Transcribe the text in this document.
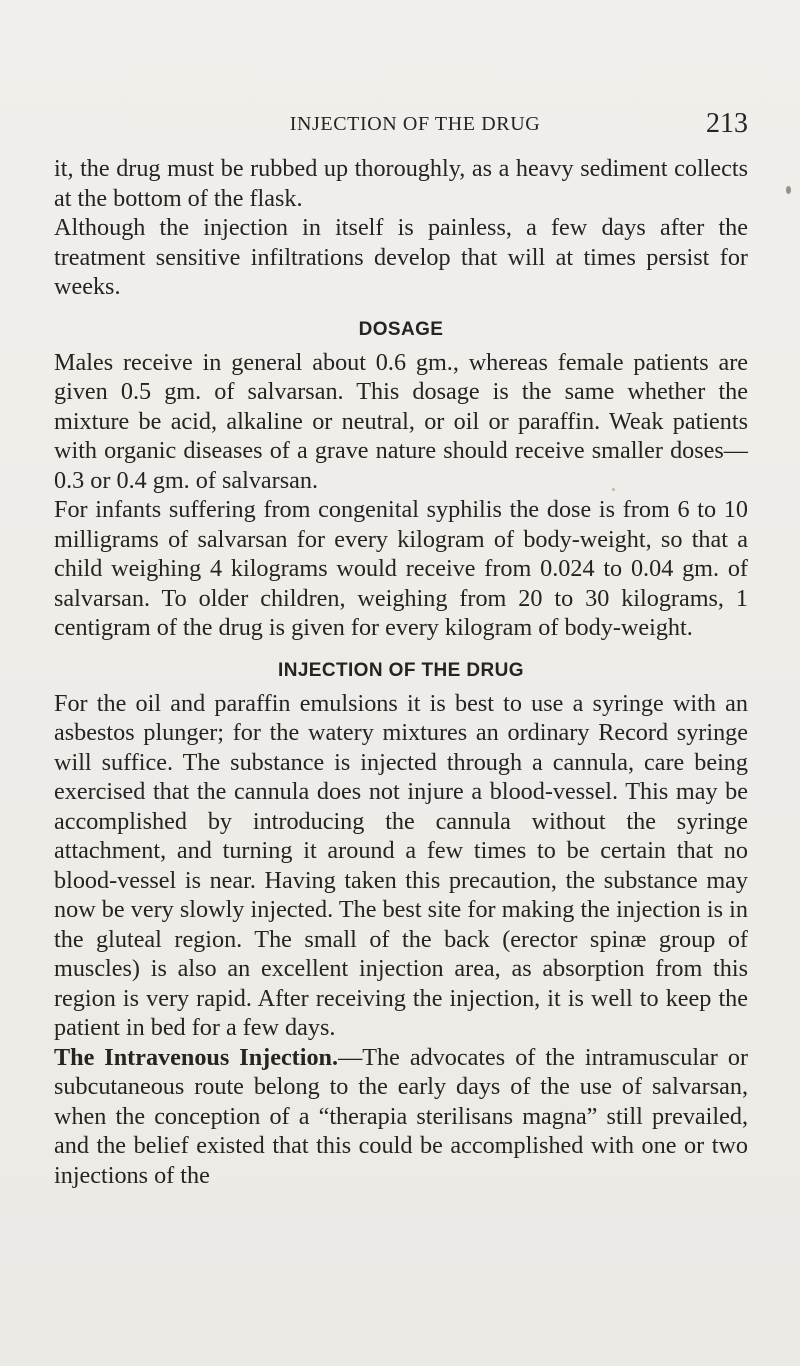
INJECTION OF THE DRUG	213

it, the drug must be rubbed up thoroughly, as a heavy sediment collects at the bottom of the flask.

Although the injection in itself is painless, a few days after the treatment sensitive infiltrations develop that will at times persist for weeks.

DOSAGE

Males receive in general about 0.6 gm., whereas female patients are given 0.5 gm. of salvarsan. This dosage is the same whether the mixture be acid, alkaline or neutral, or oil or paraffin. Weak patients with organic diseases of a grave nature should receive smaller doses—0.3 or 0.4 gm. of salvarsan.

For infants suffering from congenital syphilis the dose is from 6 to 10 milligrams of salvarsan for every kilogram of body-weight, so that a child weighing 4 kilograms would receive from 0.024 to 0.04 gm. of salvarsan. To older children, weighing from 20 to 30 kilograms, 1 centigram of the drug is given for every kilogram of body-weight.

INJECTION OF THE DRUG

For the oil and paraffin emulsions it is best to use a syringe with an asbestos plunger; for the watery mixtures an ordinary Record syringe will suffice. The substance is injected through a cannula, care being exercised that the cannula does not injure a blood-vessel. This may be accomplished by introducing the cannula without the syringe attachment, and turning it around a few times to be certain that no blood-vessel is near. Having taken this precaution, the substance may now be very slowly injected. The best site for making the injection is in the gluteal region. The small of the back (erector spinæ group of muscles) is also an excellent injection area, as absorption from this region is very rapid. After receiving the injection, it is well to keep the patient in bed for a few days.

The Intravenous Injection.—The advocates of the intramuscular or subcutaneous route belong to the early days of the use of salvarsan, when the conception of a “therapia sterilisans magna” still prevailed, and the belief existed that this could be accomplished with one or two injections of the
